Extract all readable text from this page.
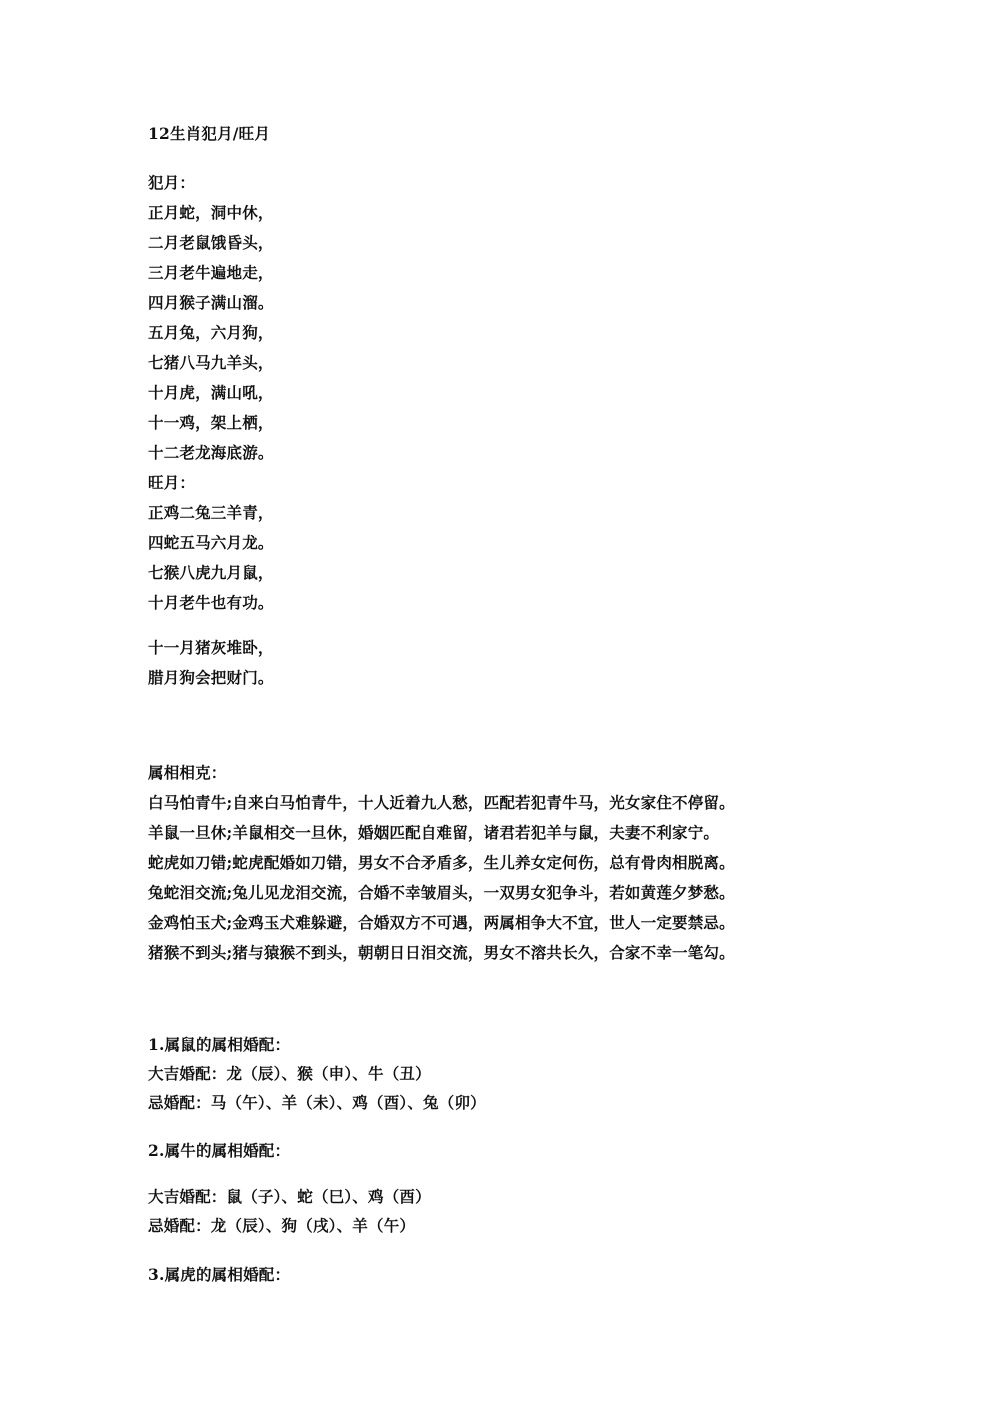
12生肖犯月/旺月
犯月：
正月蛇，洞中休，
二月老鼠饿昏头，
三月老牛遍地走，
四月猴子满山溜。
五月兔，六月狗，
七猪八马九羊头，
十月虎，满山吼，
十一鸡，架上栖，
十二老龙海底游。
旺月：
正鸡二兔三羊青，
四蛇五马六月龙。
七猴八虎九月鼠，
十月老牛也有功。
十一月猪灰堆卧，
腊月狗会把财门。
属相相克：
白马怕青牛;自来白马怕青牛，十人近着九人愁，匹配若犯青牛马，光女家住不停留。
羊鼠一旦休;羊鼠相交一旦休，婚姻匹配自难留，诸君若犯羊与鼠，夫妻不利家宁。
蛇虎如刀错;蛇虎配婚如刀错，男女不合矛盾多，生儿养女定何伤，总有骨肉相脱离。
兔蛇泪交流;兔儿见龙泪交流，合婚不幸皱眉头，一双男女犯争斗，若如黄莲夕梦愁。
金鸡怕玉犬;金鸡玉犬难躲避，合婚双方不可遇，两属相争大不宜，世人一定要禁忌。
猪猴不到头;猪与猿猴不到头，朝朝日日泪交流，男女不溶共长久，合家不幸一笔勾。
1.属鼠的属相婚配：
大吉婚配：龙（辰）、猴（申）、牛（丑）
忌婚配：马（午）、羊（未）、鸡（酉）、兔（卯）
2.属牛的属相婚配：
大吉婚配：鼠（子）、蛇（巳）、鸡（酉）
忌婚配：龙（辰）、狗（戌）、羊（午）
3.属虎的属相婚配：
